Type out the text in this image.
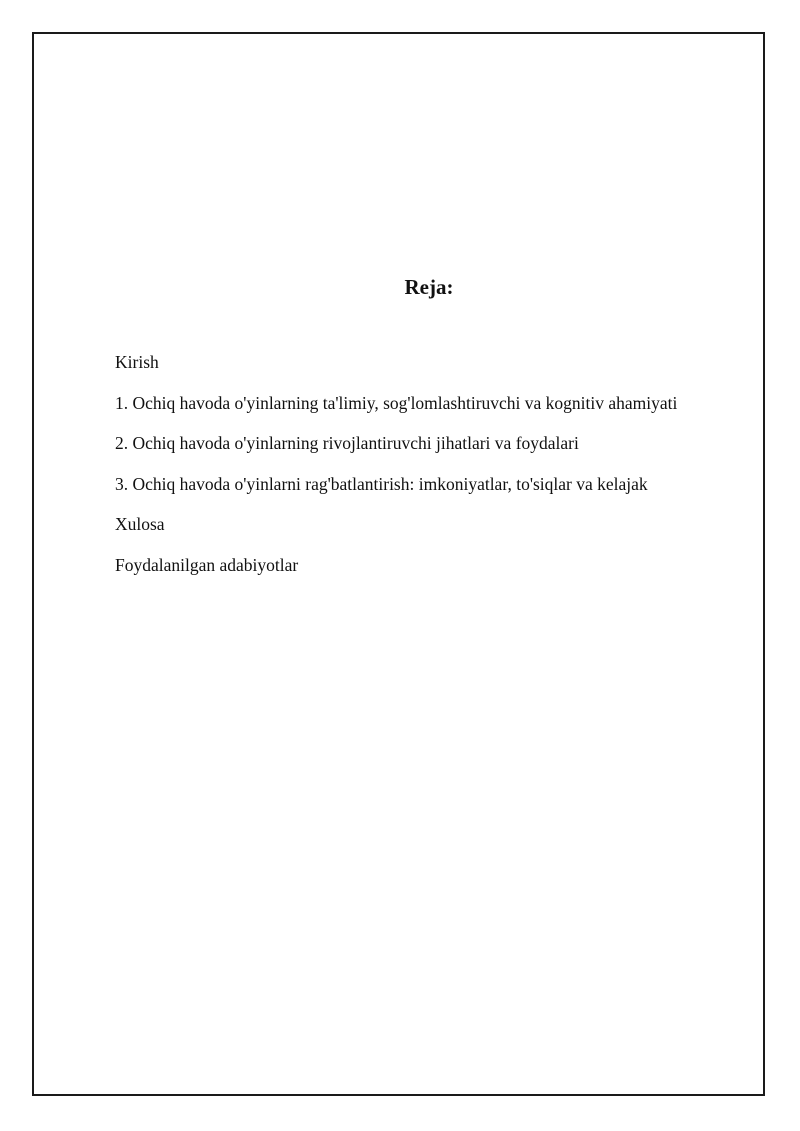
Reja:
Kirish
1. Ochiq havoda o'yinlarning ta'limiy, sog'lomlashtiruvchi va kognitiv ahamiyati
2. Ochiq havoda o'yinlarning rivojlantiruvchi jihatlari va foydalari
3. Ochiq havoda o'yinlarni rag'batlantirish: imkoniyatlar, to'siqlar va kelajak
Xulosa
Foydalanilgan adabiyotlar
